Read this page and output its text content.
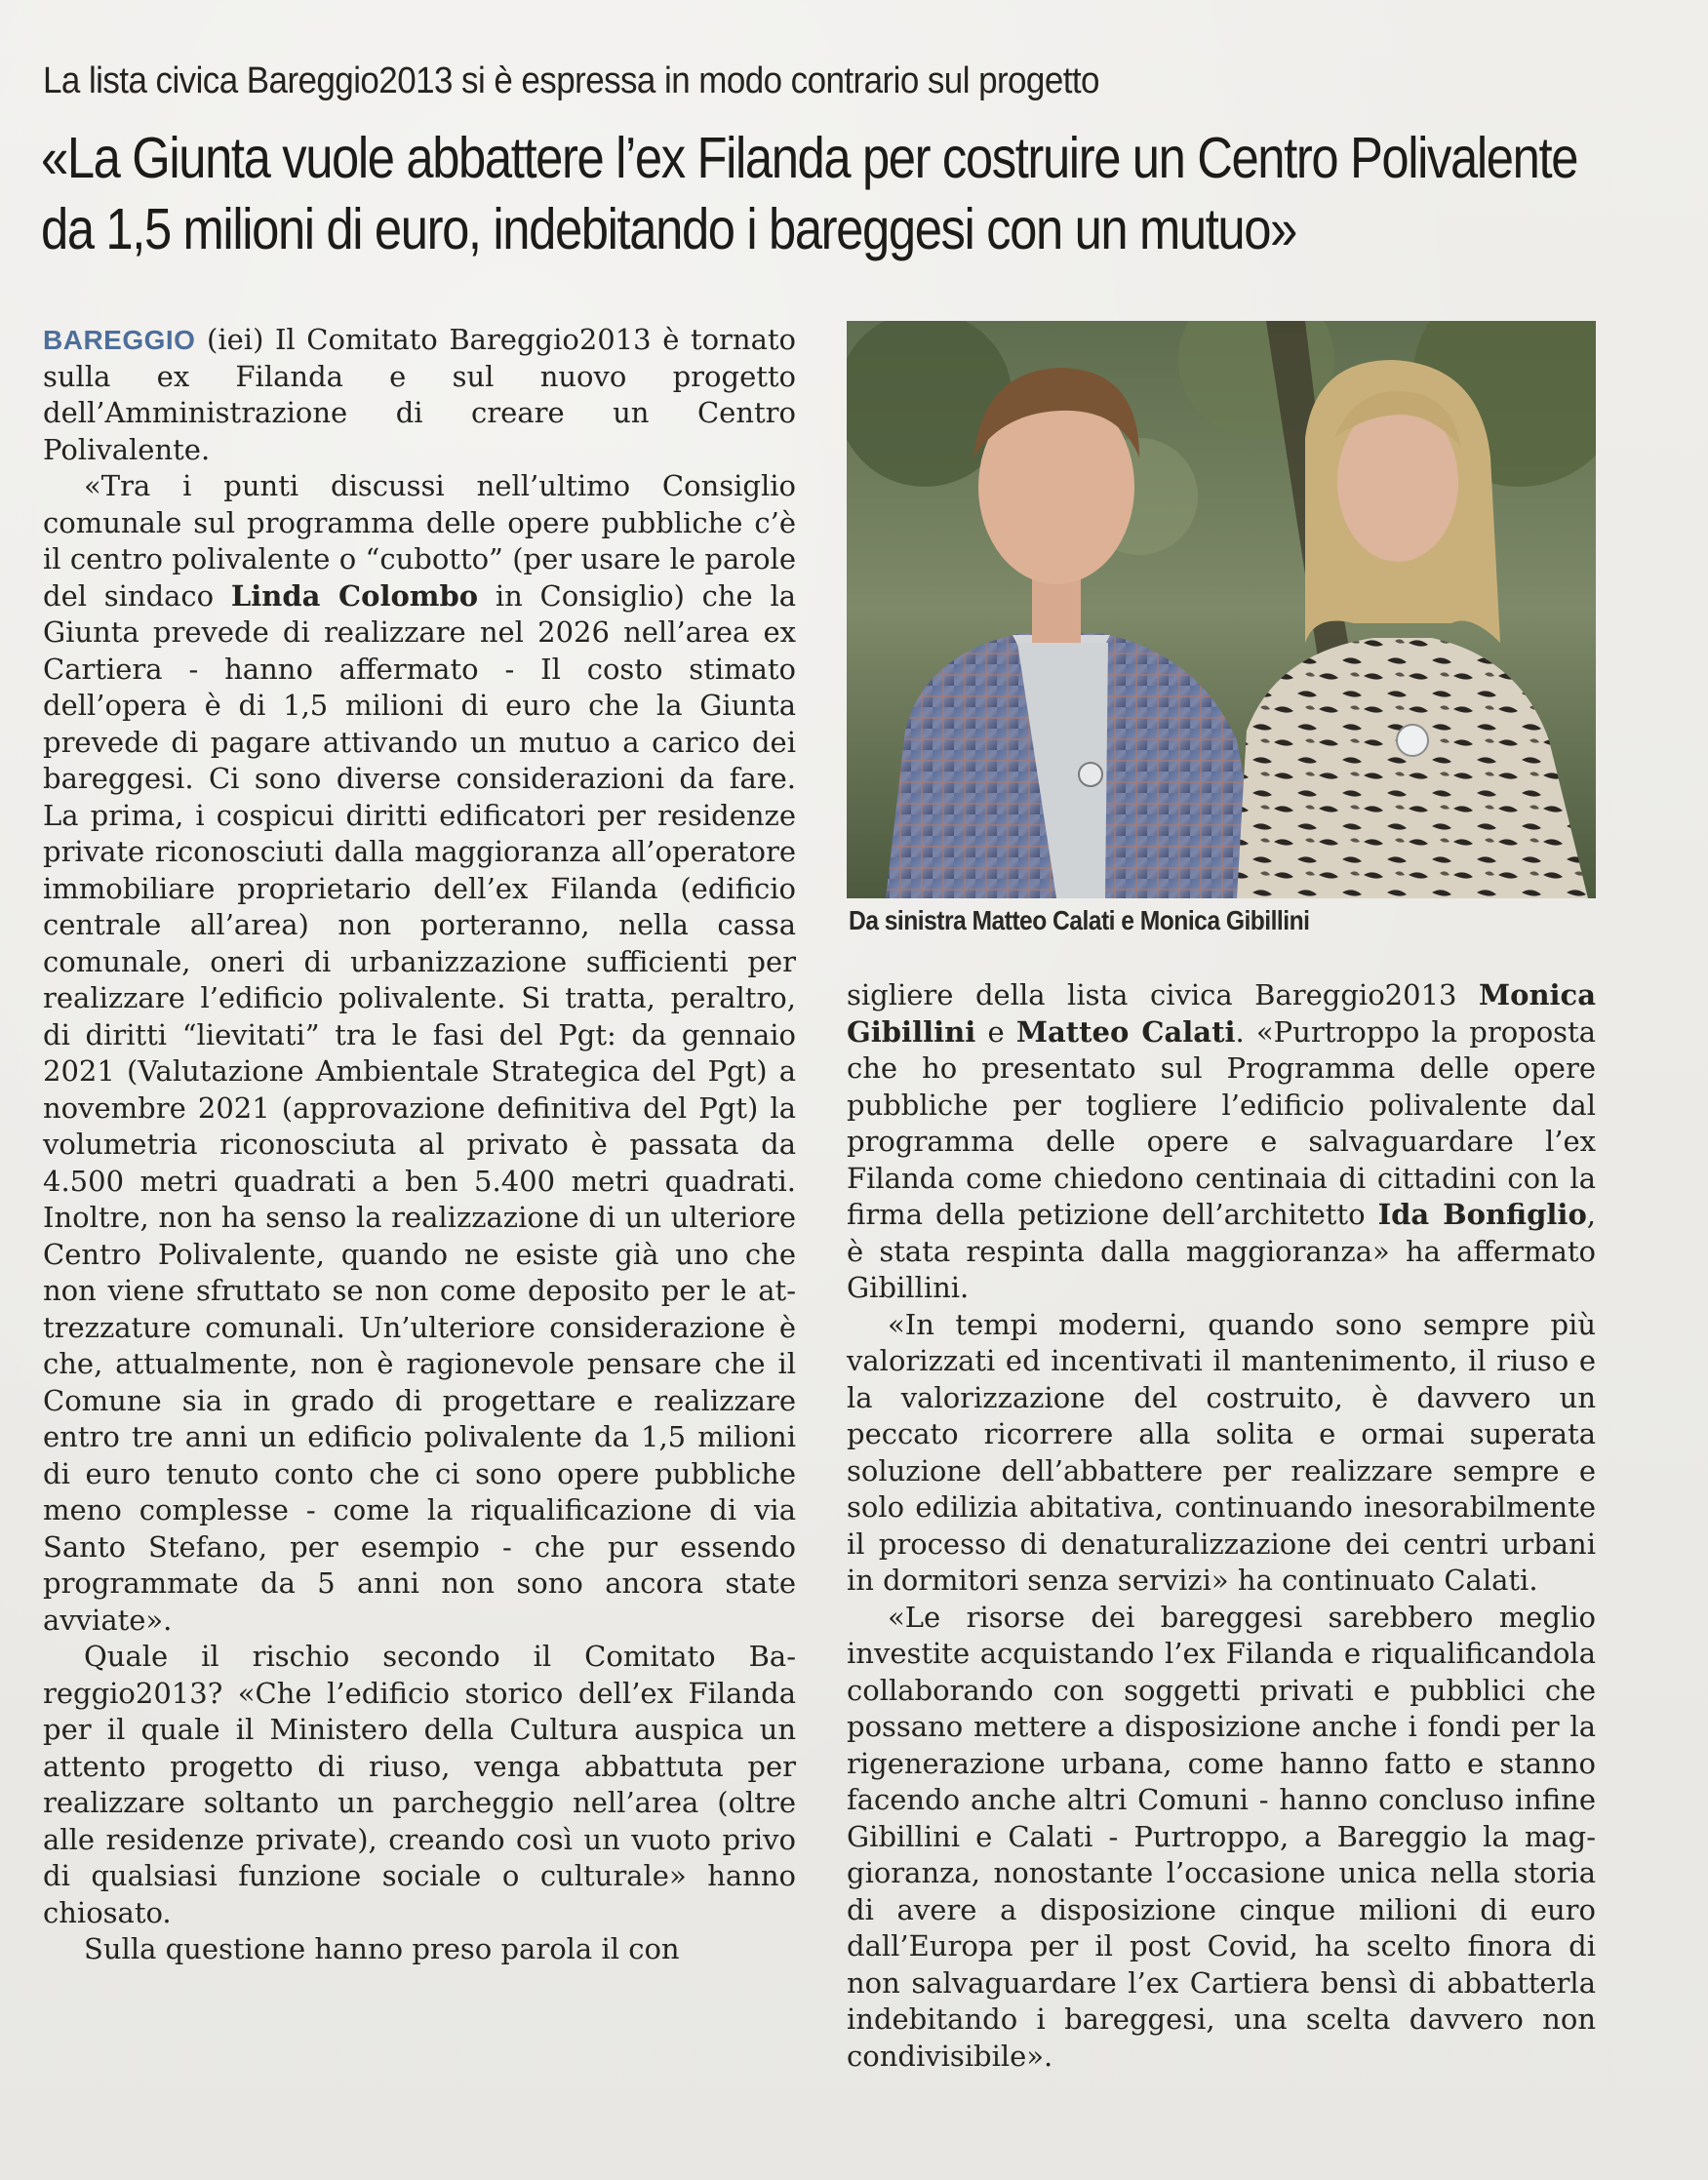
La lista civica Bareggio2013 si è espressa in modo contrario sul progetto
«La Giunta vuole abbattere l’ex Filanda per costruire un Centro Polivalente
da 1,5 milioni di euro, indebitando i bareggesi con un mutuo»

BAREGGIO (iei) Il Comitato Bareggio2013 è tornato sulla ex Filanda e sul nuovo progetto dell’Amministrazione di creare un Centro Polivalente.

«Tra i punti discussi nell’ultimo Consiglio comunale sul programma delle opere pubbliche c’è il centro polivalente o “cubotto” (per usare le parole del sindaco Linda Colombo in Consiglio) che la Giunta prevede di realizzare nel 2026 nell’area ex Cartiera - hanno affermato - Il costo stimato dell’opera è di 1,5 milioni di euro che la Giunta prevede di pagare attivando un mutuo a carico dei bareggesi. Ci sono diverse considerazioni da fare. La prima, i cospicui diritti edificatori per residenze private riconosciuti dalla maggioranza all’operatore immobiliare proprietario dell’ex Filanda (edificio centrale all’area) non porteranno, nella cassa comunale, oneri di urbanizzazione sufficienti per realizzare l’edificio polivalente. Si tratta, peraltro, di diritti “lievitati” tra le fasi del Pgt: da gennaio 2021 (Valutazione Ambientale Strategica del Pgt) a novembre 2021 (approvazione definitiva del Pgt) la volumetria riconosciuta al privato è passata da 4.500 metri quadrati a ben 5.400 metri quadrati. Inoltre, non ha senso la realizzazione di un ulteriore Centro Polivalente, quando ne esiste già uno che non viene sfruttato se non come deposito per le attrezzature comunali. Un’ulteriore considerazione è che, attualmente, non è ragionevole pensare che il Comune sia in grado di progettare e realizzare entro tre anni un edificio polivalente da 1,5 milioni di euro tenuto conto che ci sono opere pubbliche meno complesse - come la riqualificazione di via Santo Stefano, per esempio - che pur essendo programmate da 5 anni non sono ancora state avviate».

Quale il rischio secondo il Comitato Bareggio2013? «Che l’edificio storico dell’ex Filanda per il quale il Ministero della Cultura auspica un attento progetto di riuso, venga abbattuta per realizzare soltanto un parcheggio nell’area (oltre alle residenze private), creando così un vuoto privo di qualsiasi funzione sociale o culturale» hanno chiosato.

Sulla questione hanno preso parola il con

Da sinistra Matteo Calati e Monica Gibillini

sigliere della lista civica Bareggio2013 Monica Gibillini e Matteo Calati. «Purtroppo la proposta che ho presentato sul Programma delle opere pubbliche per togliere l’edificio polivalente dal programma delle opere e salvaguardare l’ex Filanda come chiedono centinaia di cittadini con la firma della petizione dell’architetto Ida Bonfiglio, è stata respinta dalla maggioranza» ha affermato Gibillini.

«In tempi moderni, quando sono sempre più valorizzati ed incentivati il mantenimento, il riuso e la valorizzazione del costruito, è davvero un peccato ricorrere alla solita e ormai superata soluzione dell’abbattere per realizzare sempre e solo edilizia abitativa, continuando inesorabilmente il processo di denaturalizzazione dei centri urbani in dormitori senza servizi» ha continuato Calati.

«Le risorse dei bareggesi sarebbero meglio investite acquistando l’ex Filanda e riqualificandola collaborando con soggetti privati e pubblici che possano mettere a disposizione anche i fondi per la rigenerazione urbana, come hanno fatto e stanno facendo anche altri Comuni - hanno concluso infine Gibillini e Calati - Purtroppo, a Bareggio la maggioranza, nonostante l’occasione unica nella storia di avere a disposizione cinque milioni di euro dall’Europa per il post Covid, ha scelto finora di non salvaguardare l’ex Cartiera bensì di abbatterla indebitando i bareggesi, una scelta davvero non condivisibile».
